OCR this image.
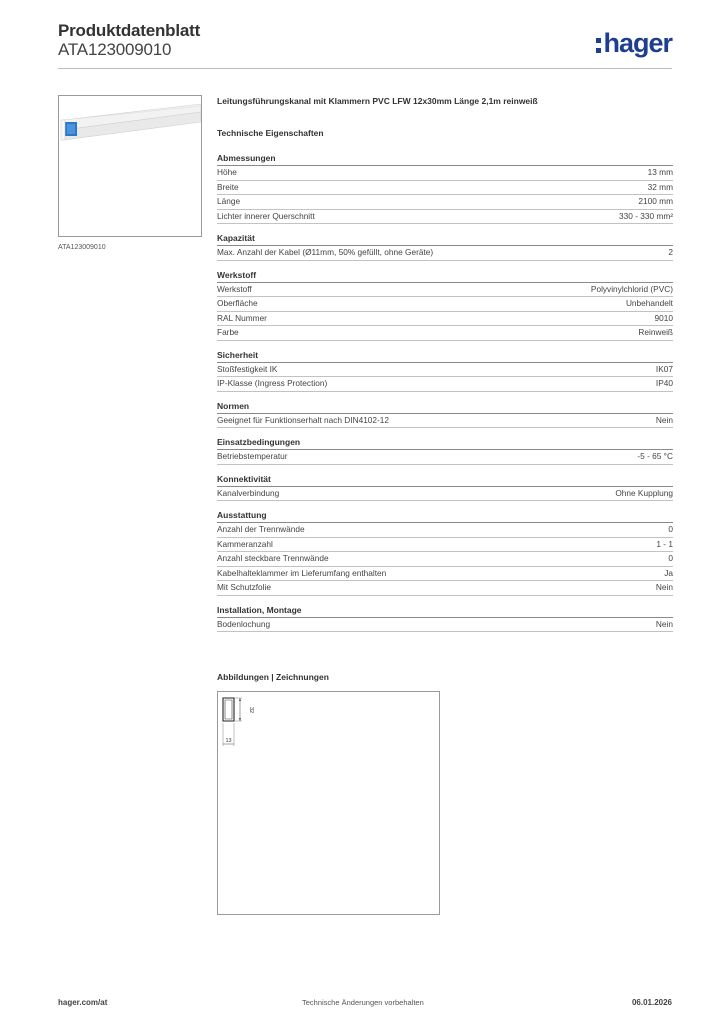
Produktdatenblatt
ATA123009010	hager
ATA123009010
Leitungsführungskanal mit Klammern PVC LFW 12x30mm Länge 2,1m reinweiß
Technische Eigenschaften
Abmessungen
Höhe	13 mm
Breite	32 mm
Länge	2100 mm
Lichter innerer Querschnitt	330 - 330 mm²
Kapazität
Max. Anzahl der Kabel (Ø11mm, 50% gefüllt, ohne Geräte)	2
Werkstoff
Werkstoff	Polyvinylchlorid (PVC)
Oberfläche	Unbehandelt
RAL Nummer	9010
Farbe	Reinweiß
Sicherheit
Stoßfestigkeit IK	IK07
IP-Klasse (Ingress Protection)	IP40
Normen
Geeignet für Funktionserhalt nach DIN4102-12	Nein
Einsatzbedingungen
Betriebstemperatur	-5 - 65 °C
Konnektivität
Kanalverbindung	Ohne Kupplung
Ausstattung
Anzahl der Trennwände	0
Kammeranzahl	1 - 1
Anzahl steckbare Trennwände	0
Kabelhalteklammer im Lieferumfang enthalten	Ja
Mit Schutzfolie	Nein
Installation, Montage
Bodenlochung	Nein
Abbildungen | Zeichnungen
32
13
hager.com/at	Technische Änderungen vorbehalten	06.01.2026
